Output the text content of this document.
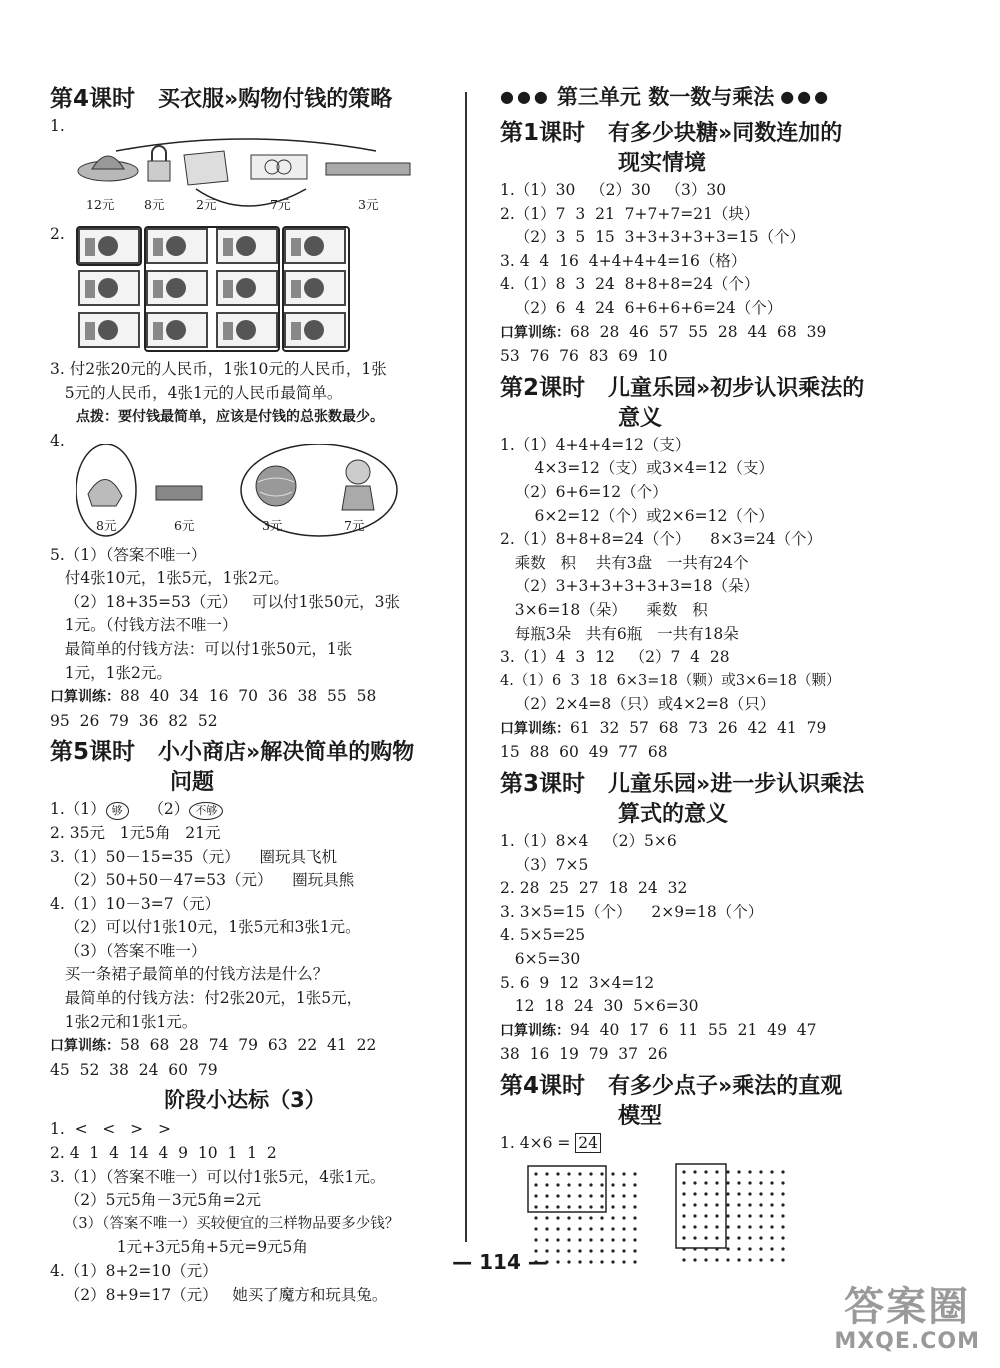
第4课时 买衣服»购物付钱的策略
1.
12元 8元	2元	7元	3元
2.
3. 付2张20元的人民币，1张10元的人民币，1张
5元的人民币，4张1元的人民币最简单。
点拨：要付钱最简单，应该是付钱的总张数最少。
4.
8元	6元	3元	7元
5.（1）（答案不唯一）
付4张10元，1张5元，1张2元。
（2）18+35=53（元）   可以付1张50元，3张
1元。（付钱方法不唯一）
最简单的付钱方法：可以付1张50元，1张
1元，1张2元。
口算训练：88  40  34  16  70  36  38  55  58
95  26  79  36  82  52
第5课时 小小商店»解决简单的购物
问题
1.（1） 够 （2） 不够
2. 35元   1元5角   21元
3.（1）50－15=35（元）    圈玩具飞机
（2）50+50－47=53（元）    圈玩具熊
4.（1）10－3=7（元）
（2）可以付1张10元，1张5元和3张1元。
（3）（答案不唯一）
买一条裙子最简单的付钱方法是什么？
最简单的付钱方法：付2张20元，1张5元，
1张2元和1张1元。
口算训练：58  68  28  74  79  63  22  41  22
45  52  38  24  60  79
阶段小达标（3）
1.  <   <   >   >
2. 4  1  4  14  4  9  10  1  1  2
3.（1）（答案不唯一）可以付1张5元，4张1元。
（2）5元5角－3元5角=2元
（3）（答案不唯一）买较便宜的三样物品要多少钱？
1元+3元5角+5元=9元5角
4.（1）8+2=10（元）
（2）8+9=17（元）   她买了魔方和玩具兔。
●●● 第三单元 数一数与乘法 ●●●
第1课时 有多少块糖»同数连加的
现实情境
1.（1）30   （2）30   （3）30
2.（1）7  3  21  7+7+7=21（块）
（2）3  5  15  3+3+3+3+3=15（个）
3. 4  4  16  4+4+4+4=16（格）
4.（1）8  3  24  8+8+8=24（个）
（2）6  4  24  6+6+6+6=24（个）
口算训练：68  28  46  57  55  28  44  68  39
53  76  76  83  69  10
第2课时 儿童乐园»初步认识乘法的
意义
1.（1）4+4+4=12（支）
4×3=12（支）或3×4=12（支）
（2）6+6=12（个）
6×2=12（个）或2×6=12（个）
2.（1）8+8+8=24（个）    8×3=24（个）
乘数   积    共有3盘   一共有24个
（2）3+3+3+3+3+3=18（朵）
3×6=18（朵）    乘数   积
每瓶3朵   共有6瓶   一共有18朵
3.（1）4  3  12   （2）7  4  28
4.（1）6  3  18  6×3=18（颗）或3×6=18（颗）
（2）2×4=8（只）或4×2=8（只）
口算训练：61  32  57  68  73  26  42  41  79
15  88  60  49  77  68
第3课时 儿童乐园»进一步认识乘法
算式的意义
1.（1）8×4   （2）5×6
（3）7×5
2. 28  25  27  18  24  32
3. 3×5=15（个）    2×9=18（个）
4. 5×5=25
6×5=30
5. 6  9  12  3×4=12
12  18  24  30  5×6=30
口算训练：94  40  17  6  11  55  21  49  47
38  16  19  79  37  26
第4课时 有多少点子»乘法的直观
模型
1. 4×6 = 24
— 114 —
答案圈
MXQE.COM
